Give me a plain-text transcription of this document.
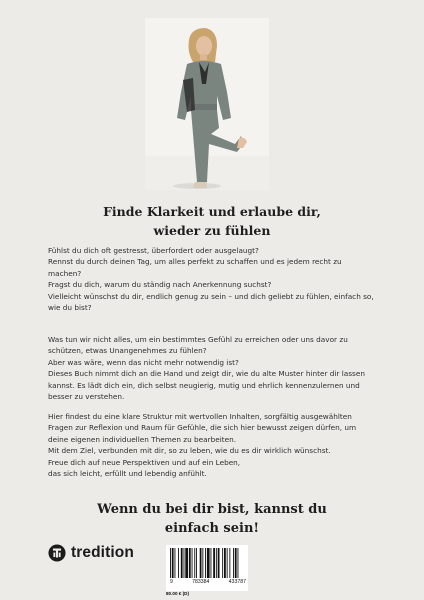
Finde Klarkeit und erlaube dir,
wieder zu fühlen

Fühlst du dich oft gestresst, überfordert oder ausgelaugt?
Rennst du durch deinen Tag, um alles perfekt zu schaffen und es jedem recht zu
machen?
Fragst du dich, warum du ständig nach Anerkennung suchst?
Vielleicht wünschst du dir, endlich genug zu sein – und dich geliebt zu fühlen, einfach so,
wie du bist?

Was tun wir nicht alles, um ein bestimmtes Gefühl zu erreichen oder uns davor zu
schützen, etwas Unangenehmes zu fühlen?
Aber was wäre, wenn das nicht mehr notwendig ist?
Dieses Buch nimmt dich an die Hand und zeigt dir, wie du alte Muster hinter dir lassen
kannst. Es lädt dich ein, dich selbst neugierig, mutig und ehrlich kennenzulernen und
besser zu verstehen.

Hier findest du eine klare Struktur mit wertvollen Inhalten, sorgfältig ausgewählten
Fragen zur Reflexion und Raum für Gefühle, die sich hier bewusst zeigen dürfen, um
deine eigenen individuellen Themen zu bearbeiten.
Mit dem Ziel, verbunden mit dir, so zu leben, wie du es dir wirklich wünschst.
Freue dich auf neue Perspektiven und auf ein Leben,
das sich leicht, erfüllt und lebendig anfühlt.

Wenn du bei dir bist, kannst du
einfach sein!
tredition
9	783384	433787
80.00 € (D)
